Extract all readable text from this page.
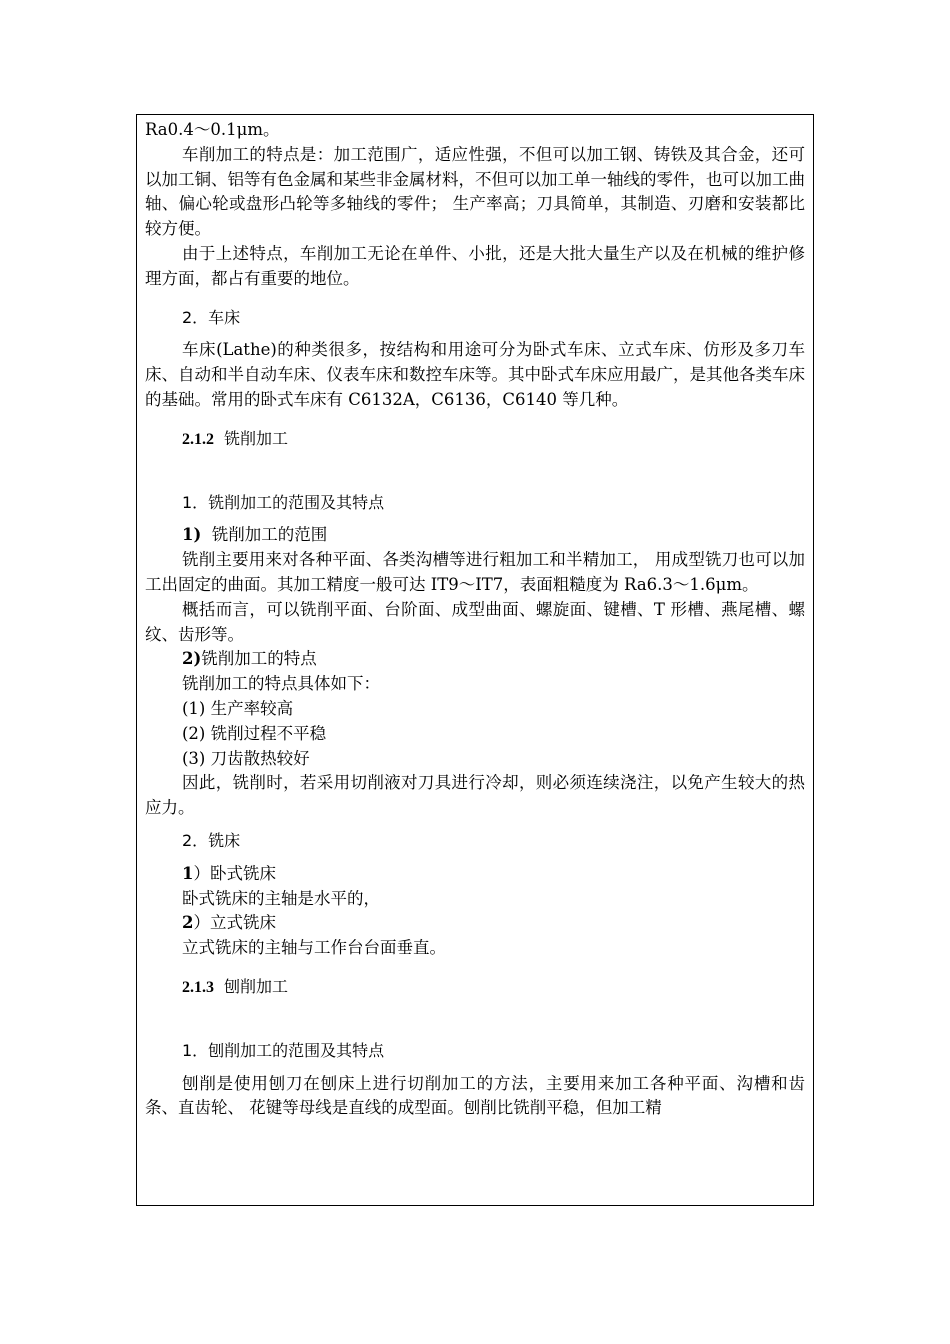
Ra0.4～0.1μm。

车削加工的特点是：加工范围广，适应性强，不但可以加工钢、铸铁及其合金，还可以加工铜、铝等有色金属和某些非金属材料，不但可以加工单一轴线的零件，也可以加工曲轴、偏心轮或盘形凸轮等多轴线的零件； 生产率高；刀具简单，其制造、刃磨和安装都比较方便。

由于上述特点，车削加工无论在单件、小批，还是大批大量生产以及在机械的维护修理方面，都占有重要的地位。

2．车床

车床(Lathe)的种类很多，按结构和用途可分为卧式车床、立式车床、仿形及多刀车床、自动和半自动车床、仪表车床和数控车床等。其中卧式车床应用最广，是其他各类车床的基础。常用的卧式车床有 C6132A，C6136，C6140 等几种。

2.1.2 铣削加工

1．铣削加工的范围及其特点

1) 铣削加工的范围

铣削主要用来对各种平面、各类沟槽等进行粗加工和半精加工， 用成型铣刀也可以加工出固定的曲面。其加工精度一般可达 IT9～IT7，表面粗糙度为 Ra6.3～1.6μm。

概括而言，可以铣削平面、台阶面、成型曲面、螺旋面、键槽、T 形槽、燕尾槽、螺纹、齿形等。

2)铣削加工的特点

铣削加工的特点具体如下：

(1) 生产率较高

(2) 铣削过程不平稳

(3) 刀齿散热较好

因此，铣削时，若采用切削液对刀具进行冷却，则必须连续浇注，以免产生较大的热应力。

2．铣床

1）卧式铣床

卧式铣床的主轴是水平的，

2）立式铣床

立式铣床的主轴与工作台台面垂直。

2.1.3 刨削加工

1．刨削加工的范围及其特点

刨削是使用刨刀在刨床上进行切削加工的方法，主要用来加工各种平面、沟槽和齿条、直齿轮、 花键等母线是直线的成型面。刨削比铣削平稳，但加工精
